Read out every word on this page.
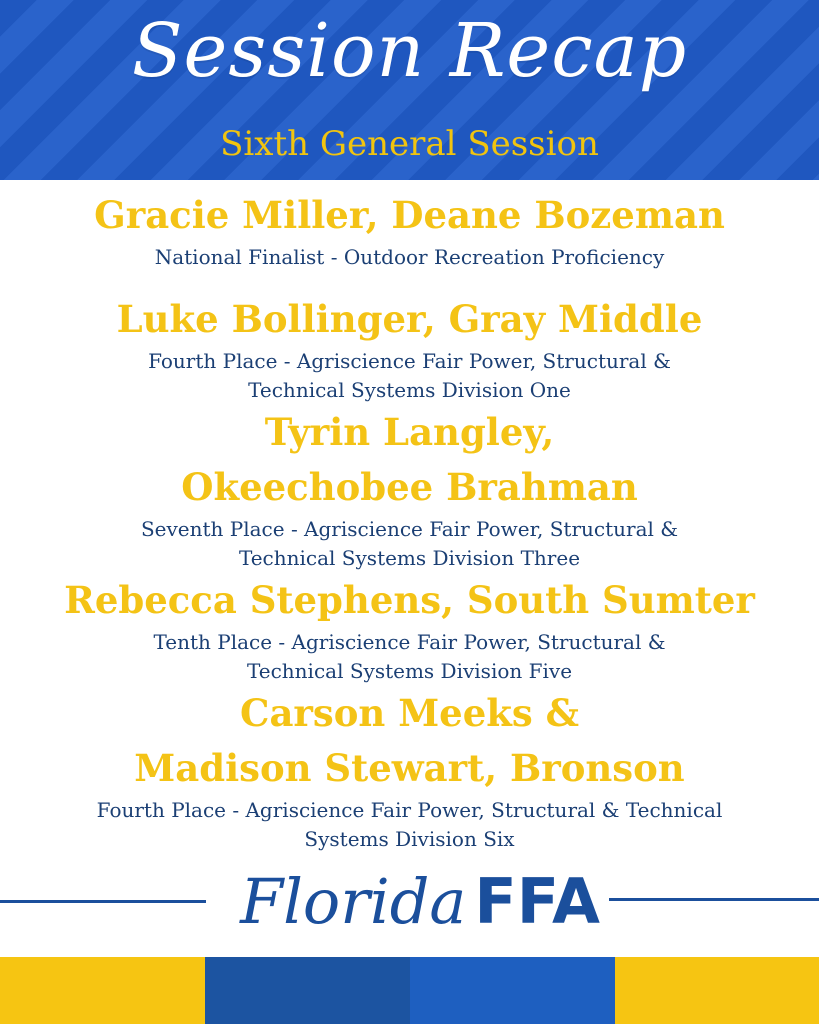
Session Recap
Sixth General Session
Gracie Miller, Deane Bozeman
National Finalist - Outdoor Recreation Proficiency
Luke Bollinger, Gray Middle
Fourth Place - Agriscience Fair Power, Structural &
Technical Systems Division One
Tyrin Langley,
Okeechobee Brahman
Seventh Place - Agriscience Fair Power, Structural &
Technical Systems Division Three
Rebecca Stephens, South Sumter
Tenth Place - Agriscience Fair Power, Structural &
Technical Systems Division Five
Carson Meeks &
Madison Stewart, Bronson
Fourth Place - Agriscience Fair Power, Structural & Technical
Systems Division Six
Florida FFA
